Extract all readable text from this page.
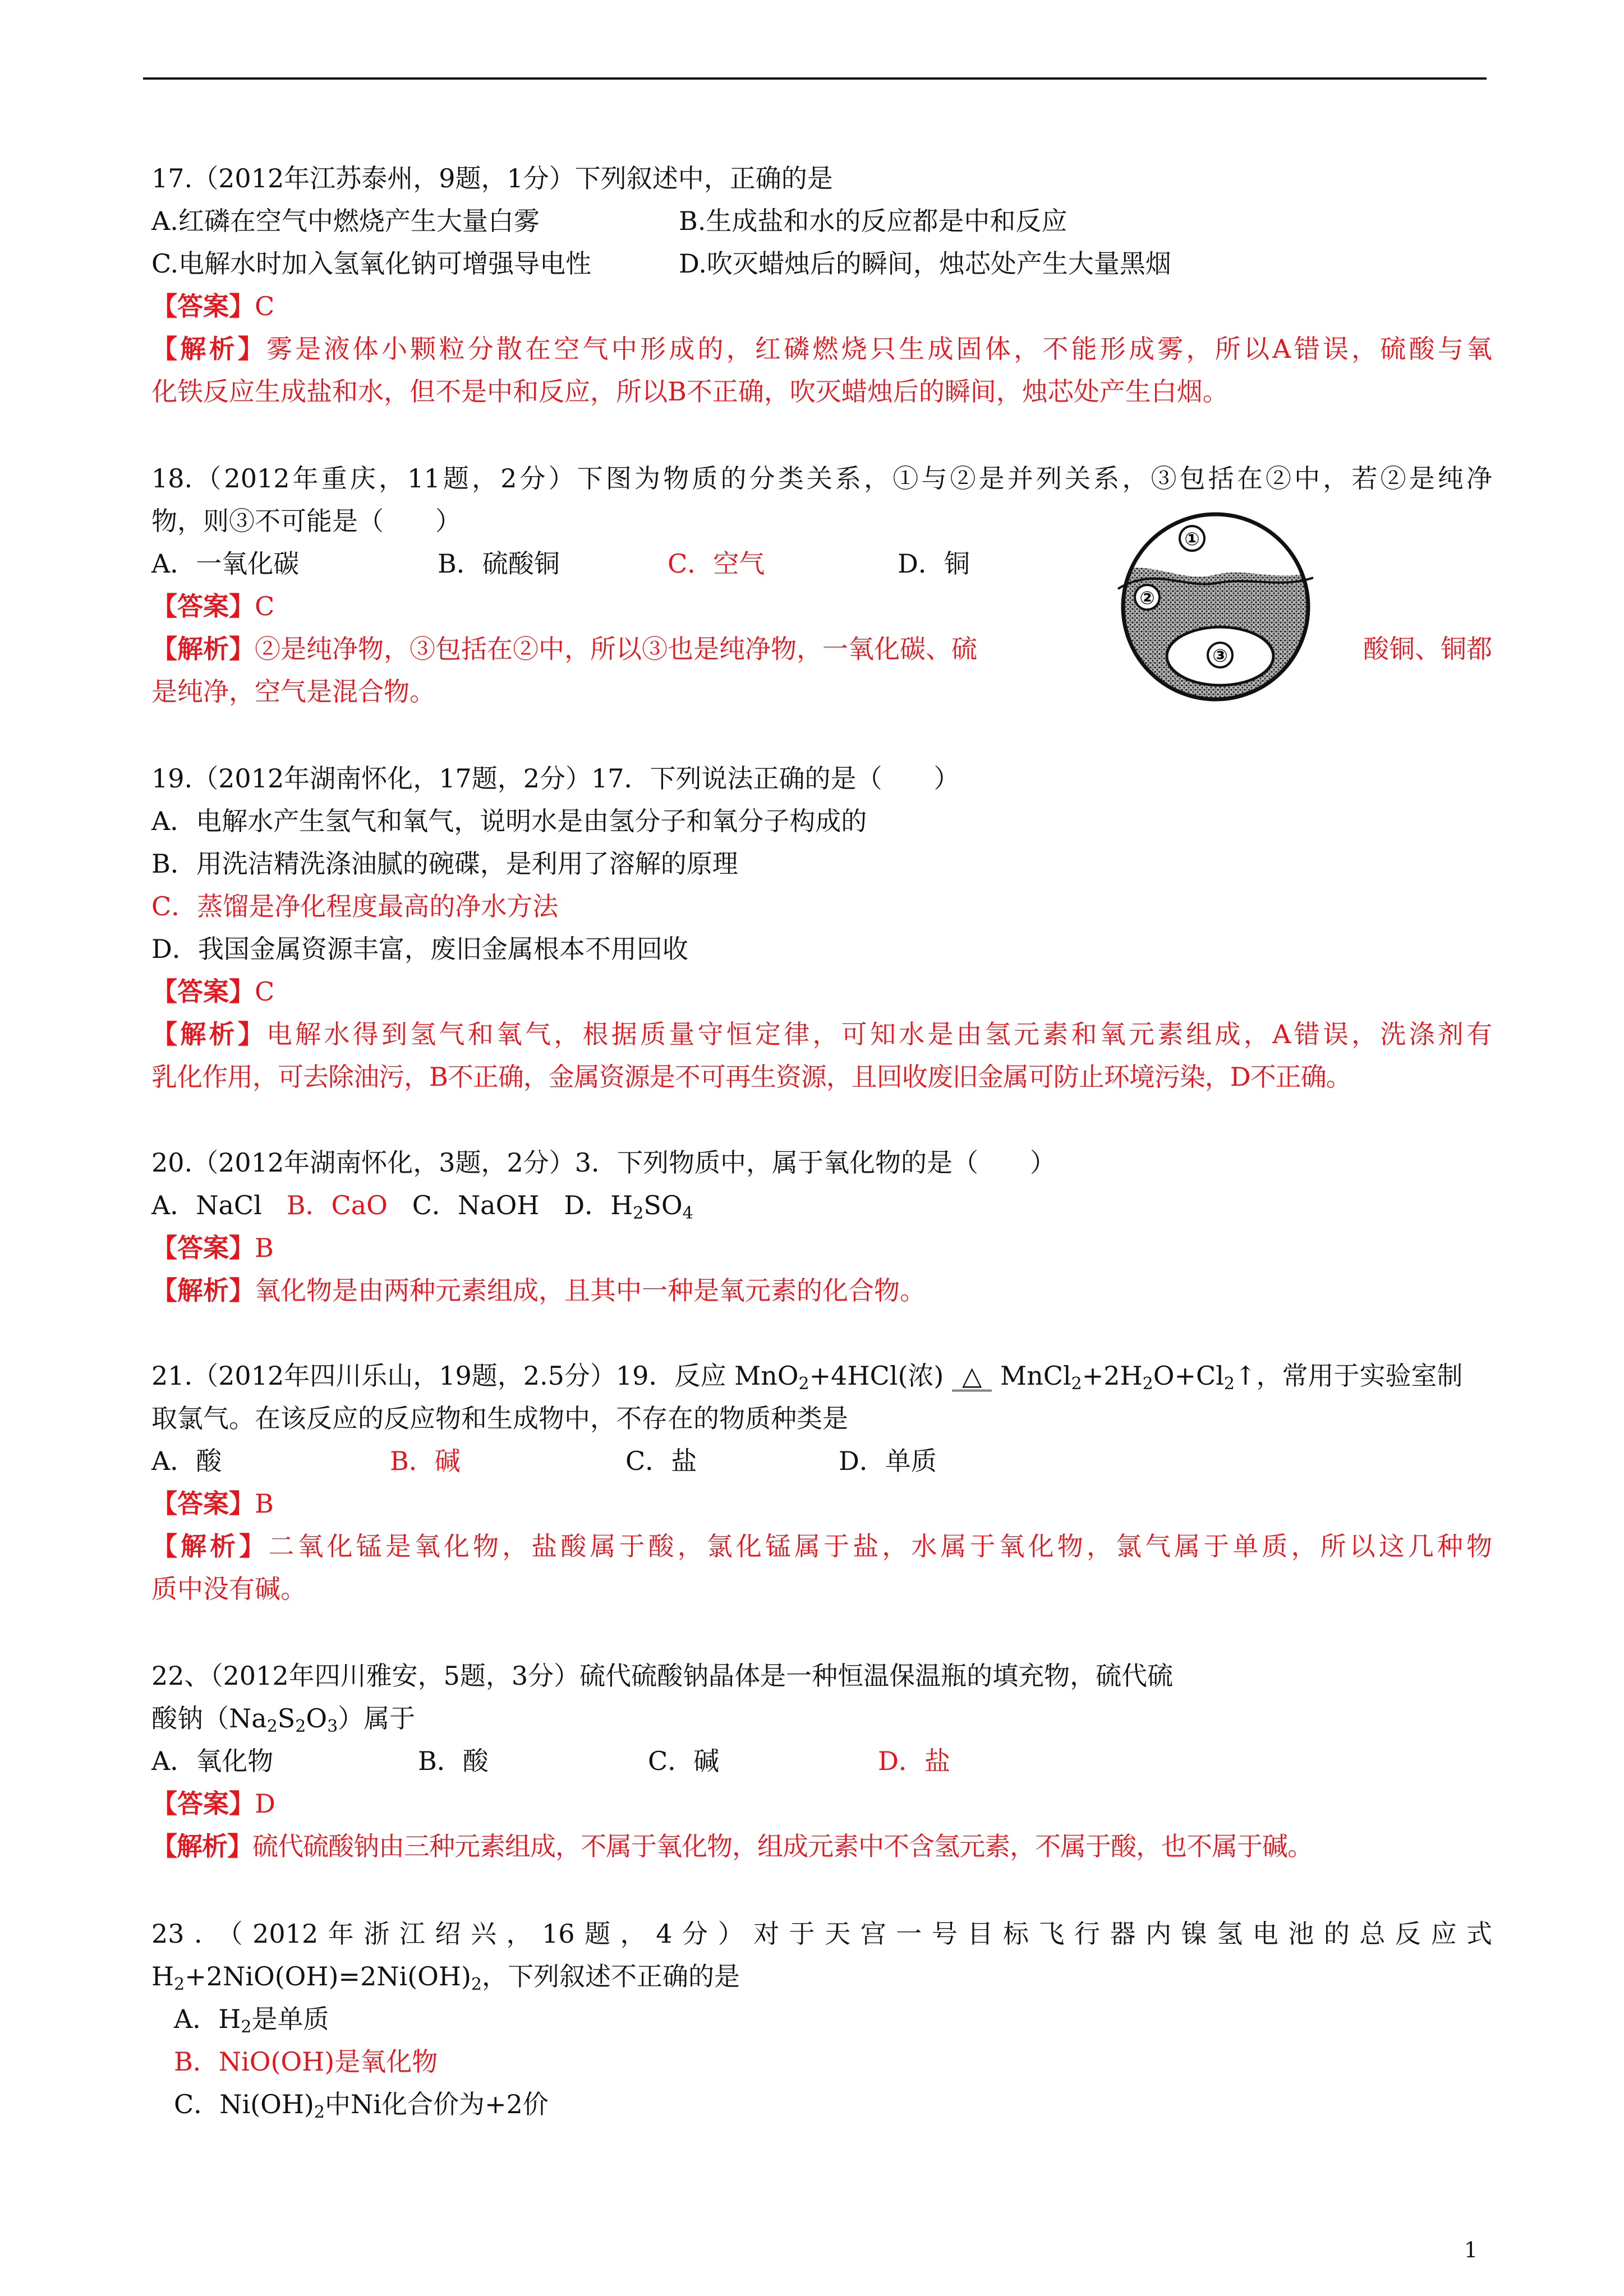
17.（2012年江苏泰州，9题，1分）下列叙述中，正确的是
A.红磷在空气中燃烧产生大量白雾	B.生成盐和水的反应都是中和反应
C.电解水时加入氢氧化钠可增强导电性	D.吹灭蜡烛后的瞬间，烛芯处产生大量黑烟
【答案】C
【解析】雾是液体小颗粒分散在空气中形成的，红磷燃烧只生成固体，不能形成雾，所以A错误，硫酸与氧
化铁反应生成盐和水，但不是中和反应，所以B不正确，吹灭蜡烛后的瞬间，烛芯处产生白烟。
18.（2012年重庆，11题，2分）下图为物质的分类关系，①与②是并列关系，③包括在②中，若②是纯净
物，则③不可能是（　　）
A．一氧化碳	B．硫酸铜	C．空气	D．铜
【答案】C
【解析】②是纯净物，③包括在②中，所以③也是纯净物，一氧化碳、硫	酸铜、铜都
是纯净，空气是混合物。
①
②
③
19.（2012年湖南怀化，17题，2分）17．下列说法正确的是（　　）
A．电解水产生氢气和氧气，说明水是由氢分子和氧分子构成的
B．用洗洁精洗涤油腻的碗碟，是利用了溶解的原理
C．蒸馏是净化程度最高的净水方法
D．我国金属资源丰富，废旧金属根本不用回收
【答案】C
【解析】电解水得到氢气和氧气，根据质量守恒定律，可知水是由氢元素和氧元素组成，A错误，洗涤剂有
乳化作用，可去除油污，B不正确，金属资源是不可再生资源，且回收废旧金属可防止环境污染，D不正确。
20.（2012年湖南怀化，3题，2分）3．下列物质中，属于氧化物的是（　　）
A．NaCl B．CaO C．NaOH D．$H_2SO_4$
【答案】B
【解析】氧化物是由两种元素组成，且其中一种是氧元素的化合物。
21.（2012年四川乐山，19题，2.5分）19．反应 MnO$_2$+4HCl(浓) △ $MnCl_2+2H_2O+Cl_2↑$，常用于实验室制
取氯气。在该反应的反应物和生成物中，不存在的物质种类是
A．酸	B．碱	C．盐	D．单质
【答案】B
【解析】二氧化锰是氧化物，盐酸属于酸，氯化锰属于盐，水属于氧化物，氯气属于单质，所以这几种物
质中没有碱。
22、（2012年四川雅安，5题，3分）硫代硫酸钠晶体是一种恒温保温瓶的填充物，硫代硫
酸钠$(Na_2S_2O_3)$属于
A．氧化物	B．酸	C．碱	D．盐
【答案】D
【解析】硫代硫酸钠由三种元素组成，不属于氧化物，组成元素中不含氢元素，不属于酸，也不属于碱。
23．（2012年浙江绍兴，16题，4分）对于天宫一号目标飞行器内镍氢电池的总反应式
$H_2+2NiO(OH)=2Ni(OH)_2$，下列叙述不正确的是
A．$H_2$是单质
B．NiO(OH)是氧化物
C．$Ni(OH)_2$中Ni化合价为+2价
1
